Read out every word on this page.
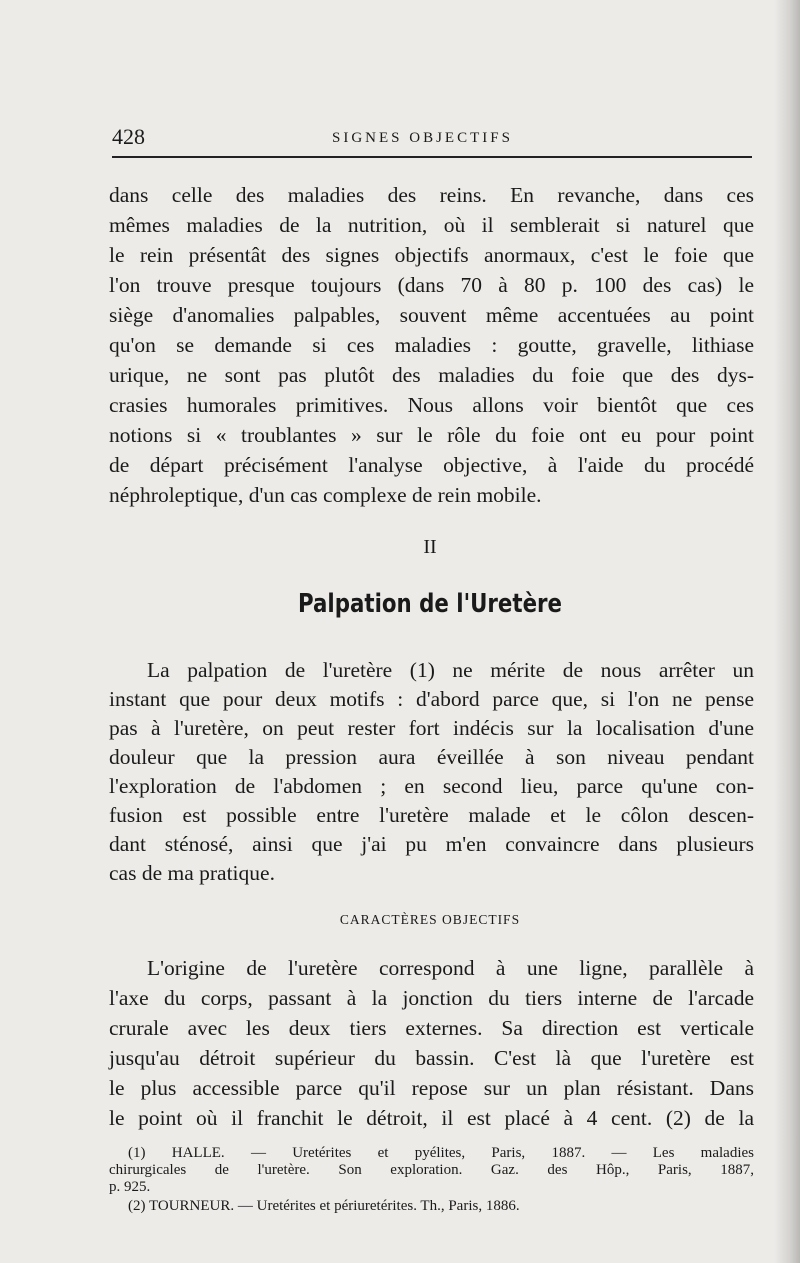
428	SIGNES OBJECTIFS
dans celle des maladies des reins. En revanche, dans ces
mêmes maladies de la nutrition, où il semblerait si naturel que
le rein présentât des signes objectifs anormaux, c'est le foie que
l'on trouve presque toujours (dans 70 à 80 p. 100 des cas) le
siège d'anomalies palpables, souvent même accentuées au point
qu'on se demande si ces maladies : goutte, gravelle, lithiase
urique, ne sont pas plutôt des maladies du foie que des dys-
crasies humorales primitives. Nous allons voir bientôt que ces
notions si « troublantes » sur le rôle du foie ont eu pour point
de départ précisément l'analyse objective, à l'aide du procédé
néphroleptique, d'un cas complexe de rein mobile.
II
Palpation de l'Uretère
La palpation de l'uretère (1) ne mérite de nous arrêter un
instant que pour deux motifs : d'abord parce que, si l'on ne pense
pas à l'uretère, on peut rester fort indécis sur la localisation d'une
douleur que la pression aura éveillée à son niveau pendant
l'exploration de l'abdomen ; en second lieu, parce qu'une con-
fusion est possible entre l'uretère malade et le côlon descen-
dant sténosé, ainsi que j'ai pu m'en convaincre dans plusieurs
cas de ma pratique.
CARACTÈRES OBJECTIFS
L'origine de l'uretère correspond à une ligne, parallèle à
l'axe du corps, passant à la jonction du tiers interne de l'arcade
crurale avec les deux tiers externes. Sa direction est verticale
jusqu'au détroit supérieur du bassin. C'est là que l'uretère est
le plus accessible parce qu'il repose sur un plan résistant. Dans
le point où il franchit le détroit, il est placé à 4 cent. (2) de la
(1) HALLE. — Uretérites et pyélites, Paris, 1887. — Les maladies
chirurgicales de l'uretère. Son exploration. Gaz. des Hôp., Paris, 1887,
p. 925.
(2) TOURNEUR. — Uretérites et périuretérites. Th., Paris, 1886.
